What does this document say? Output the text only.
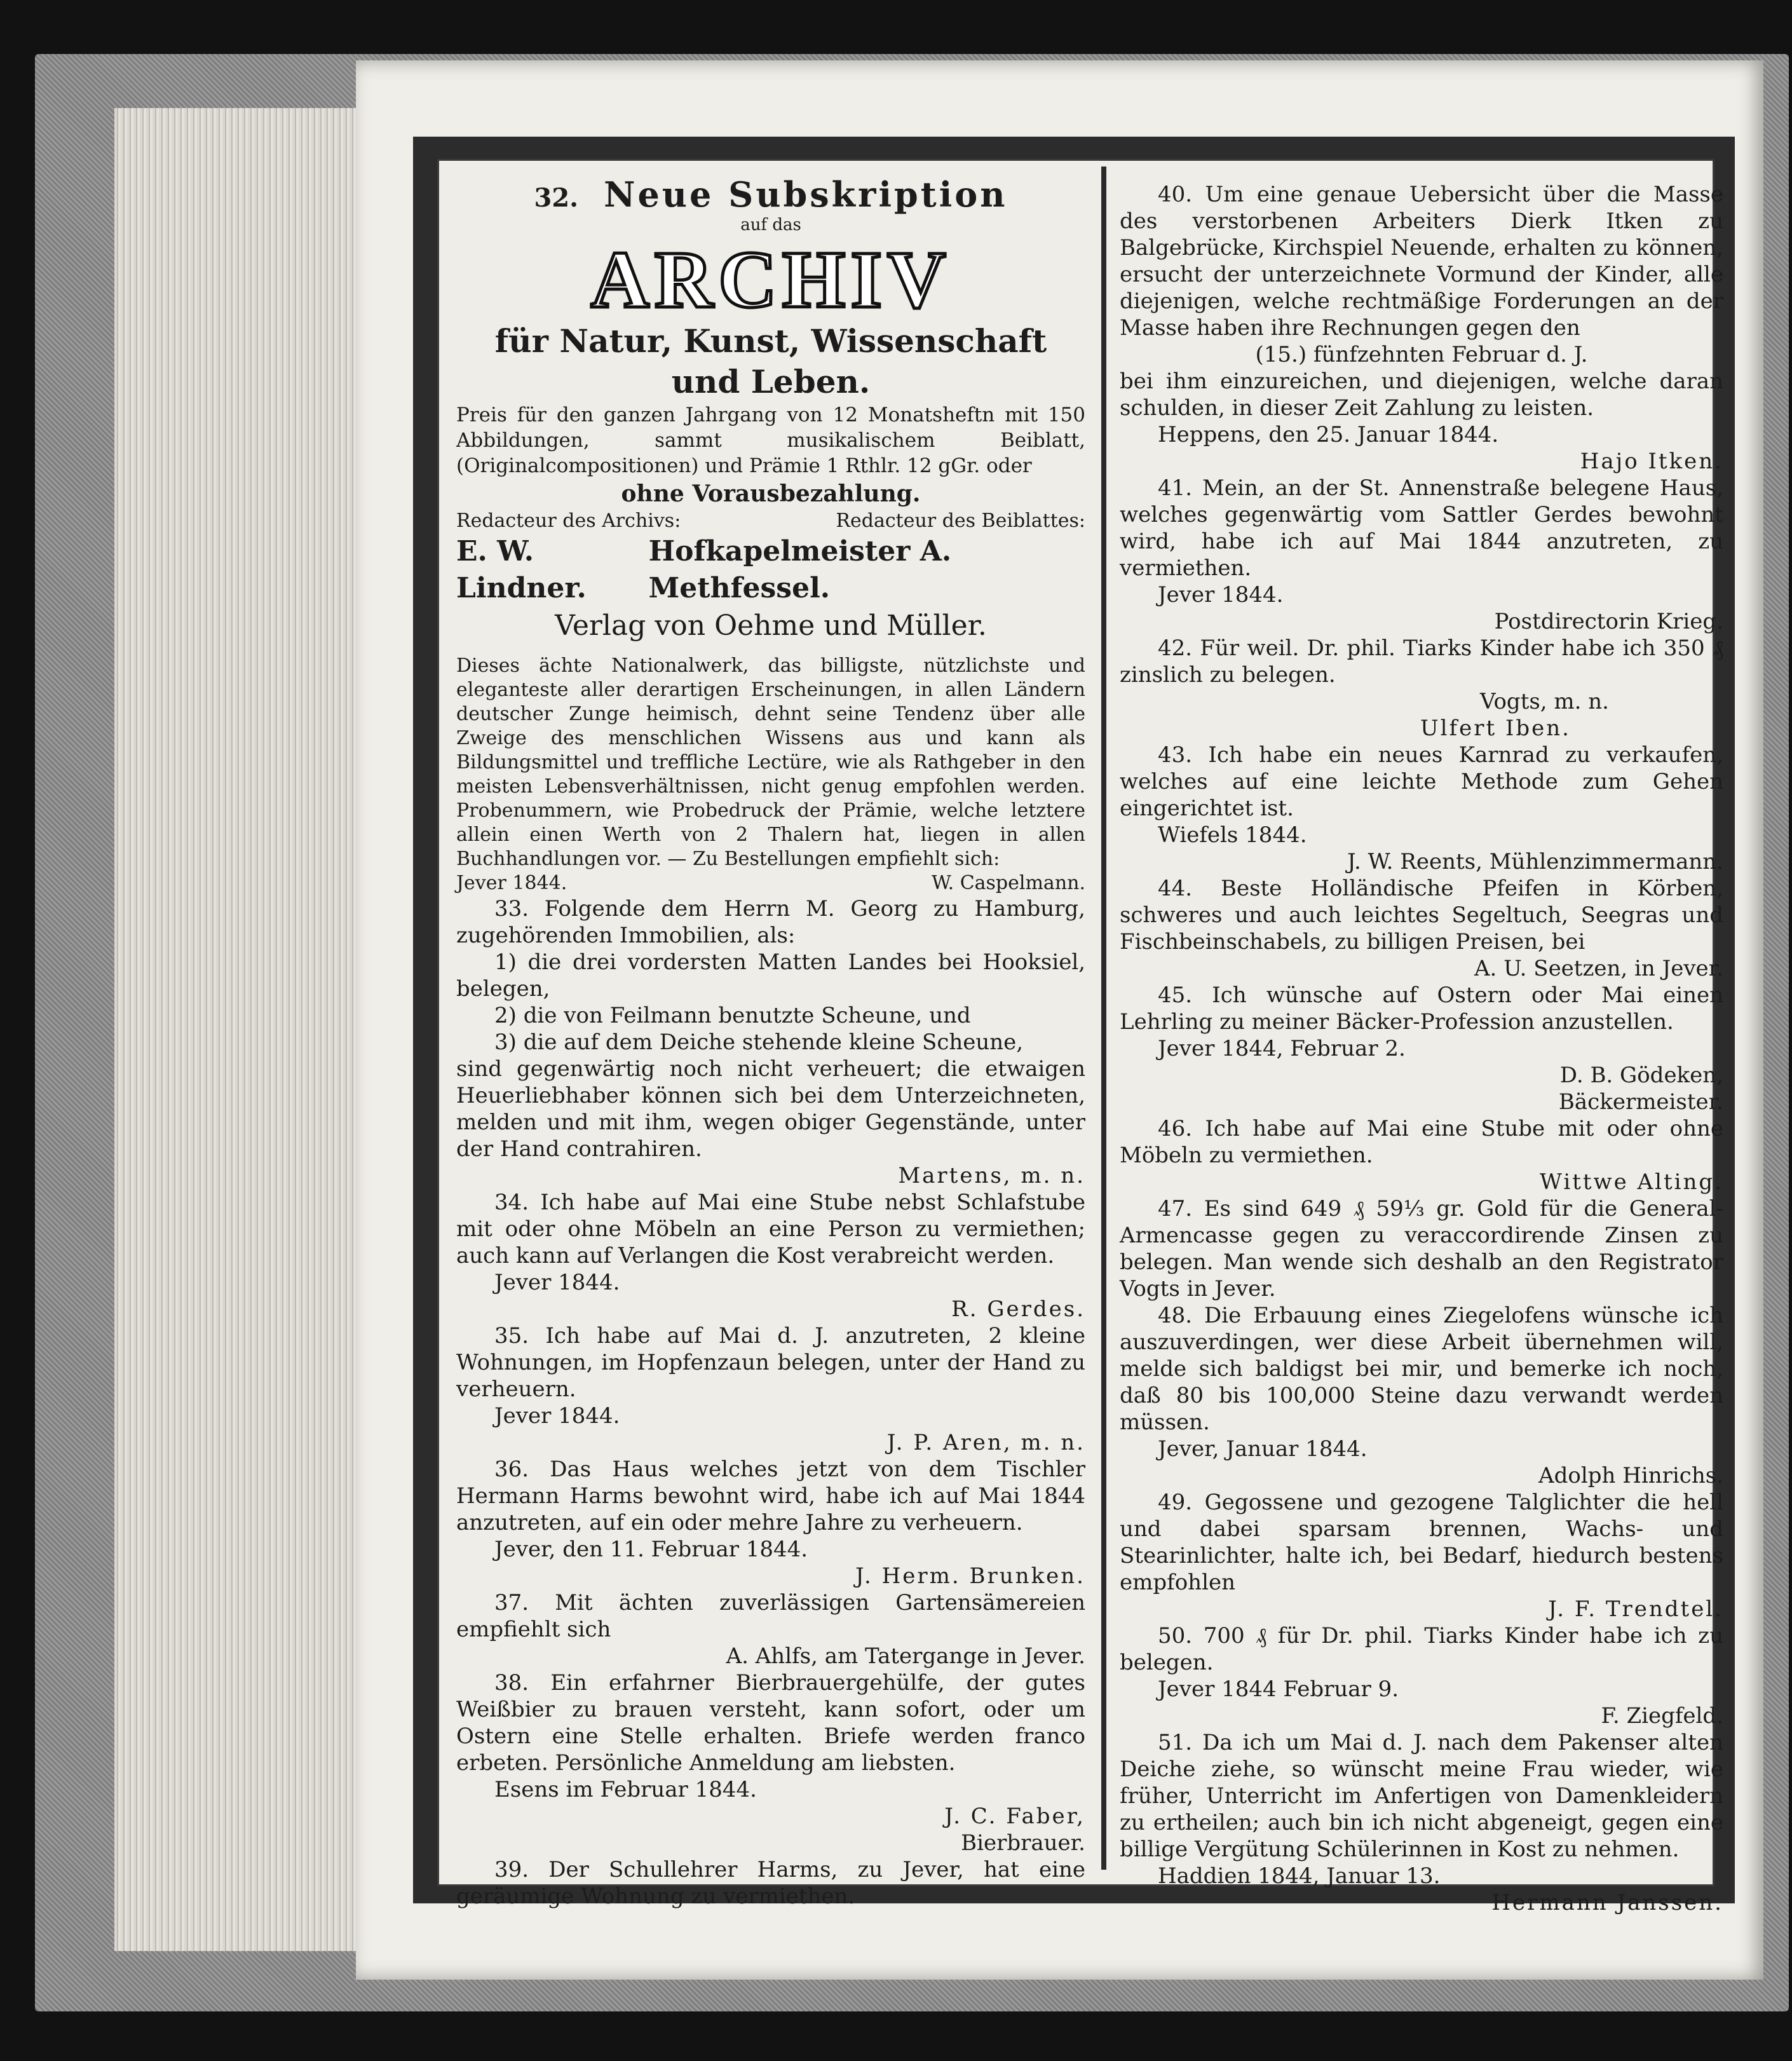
32. Neue Subskription
auf das
ARCHIV
für Natur, Kunst, Wissenschaft und Leben.

Preis für den ganzen Jahrgang von 12 Monatsheftn mit 150 Abbildungen, sammt musikalischem Beiblatt, (Originalcompositionen) und Prämie 1 Rthlr. 12 gGr. oder

ohne Vorausbezahlung.
Redacteur des Archivs:	Redacteur des Beiblattes:
E. W. Lindner.
Hofkapelmeister A. Methfessel.
Verlag von Oehme und Müller.

Dieses ächte Nationalwerk, das billigste, nützlichste und eleganteste aller derartigen Erscheinungen, in allen Ländern deutscher Zunge heimisch, dehnt seine Tendenz über alle Zweige des menschlichen Wissens aus und kann als Bildungsmittel und treffliche Lectüre, wie als Rathgeber in den meisten Lebensverhältnissen, nicht genug empfohlen werden. Probenummern, wie Probedruck der Prämie, welche letztere allein einen Werth von 2 Thalern hat, liegen in allen Buchhandlungen vor. — Zu Bestellungen empfiehlt sich:

Jever 1844.	W. Caspelmann.

33. Folgende dem Herrn M. Georg zu Hamburg, zugehörenden Immobilien, als:

1) die drei vordersten Matten Landes bei Hooksiel, belegen,

2) die von Feilmann benutzte Scheune, und

3) die auf dem Deiche stehende kleine Scheune,

sind gegenwärtig noch nicht verheuert; die etwaigen Heuerliebhaber können sich bei dem Unterzeichneten, melden und mit ihm, wegen obiger Gegenstände, unter der Hand contrahiren.

Martens, m. n.

34. Ich habe auf Mai eine Stube nebst Schlafstube mit oder ohne Möbeln an eine Person zu vermiethen; auch kann auf Verlangen die Kost verabreicht werden.

Jever 1844.
R. Gerdes.

35. Ich habe auf Mai d. J. anzutreten, 2 kleine Wohnungen, im Hopfenzaun belegen, unter der Hand zu verheuern.

Jever 1844.
J. P. Aren, m. n.

36. Das Haus welches jetzt von dem Tischler Hermann Harms bewohnt wird, habe ich auf Mai 1844 anzutreten, auf ein oder mehre Jahre zu verheuern.

Jever, den 11. Februar 1844.
J. Herm. Brunken.

37. Mit ächten zuverlässigen Gartensämereien empfiehlt sich

A. Ahlfs, am Tatergange in Jever.

38. Ein erfahrner Bierbrauergehülfe, der gutes Weißbier zu brauen versteht, kann sofort, oder um Ostern eine Stelle erhalten. Briefe werden franco erbeten. Persönliche Anmeldung am liebsten.

Esens im Februar 1844.
J. C. Faber,
Bierbrauer.

39. Der Schullehrer Harms, zu Jever, hat eine geräumige Wohnung zu vermiethen.

40. Um eine genaue Uebersicht über die Masse des verstorbenen Arbeiters Dierk Itken zu Balgebrücke, Kirchspiel Neuende, erhalten zu können, ersucht der unterzeichnete Vormund der Kinder, alle diejenigen, welche rechtmäßige Forderungen an der Masse haben ihre Rechnungen gegen den

(15.) fünfzehnten Februar d. J.

bei ihm einzureichen, und diejenigen, welche daran schulden, in dieser Zeit Zahlung zu leisten.

Heppens, den 25. Januar 1844.
Hajo Itken.

41. Mein, an der St. Annenstraße belegene Haus, welches gegenwärtig vom Sattler Gerdes bewohnt wird, habe ich auf Mai 1844 anzutreten, zu vermiethen.

Jever 1844.
Postdirectorin Krieg.

42. Für weil. Dr. phil. Tiarks Kinder habe ich 350 ₰ zinslich zu belegen.

Vogts, m. n.
Ulfert Iben.

43. Ich habe ein neues Karnrad zu verkaufen, welches auf eine leichte Methode zum Gehen eingerichtet ist.

Wiefels 1844.
J. W. Reents, Mühlenzimmermann.

44. Beste Holländische Pfeifen in Körben, schweres und auch leichtes Segeltuch, Seegras und Fischbeinschabels, zu billigen Preisen, bei

A. U. Seetzen, in Jever.

45. Ich wünsche auf Ostern oder Mai einen Lehrling zu meiner Bäcker-Profession anzustellen.

Jever 1844, Februar 2.
D. B. Gödeken,
Bäckermeister.

46. Ich habe auf Mai eine Stube mit oder ohne Möbeln zu vermiethen.

Wittwe Alting.

47. Es sind 649 ₰ 59⅓ gr. Gold für die General-Armencasse gegen zu veraccordirende Zinsen zu belegen. Man wende sich deshalb an den Registrator Vogts in Jever.

48. Die Erbauung eines Ziegelofens wünsche ich auszuverdingen, wer diese Arbeit übernehmen will, melde sich baldigst bei mir, und bemerke ich noch, daß 80 bis 100,000 Steine dazu verwandt werden müssen.

Jever, Januar 1844.
Adolph Hinrichs.

49. Gegossene und gezogene Talglichter die hell und dabei sparsam brennen, Wachs- und Stearinlichter, halte ich, bei Bedarf, hiedurch bestens empfohlen

J. F. Trendtel.

50. 700 ₰ für Dr. phil. Tiarks Kinder habe ich zu belegen.

Jever 1844 Februar 9.
F. Ziegfeld.

51. Da ich um Mai d. J. nach dem Pakenser alten Deiche ziehe, so wünscht meine Frau wieder, wie früher, Unterricht im Anfertigen von Damenkleidern zu ertheilen; auch bin ich nicht abgeneigt, gegen eine billige Vergütung Schülerinnen in Kost zu nehmen.

Haddien 1844, Januar 13.
Hermann Janssen.
